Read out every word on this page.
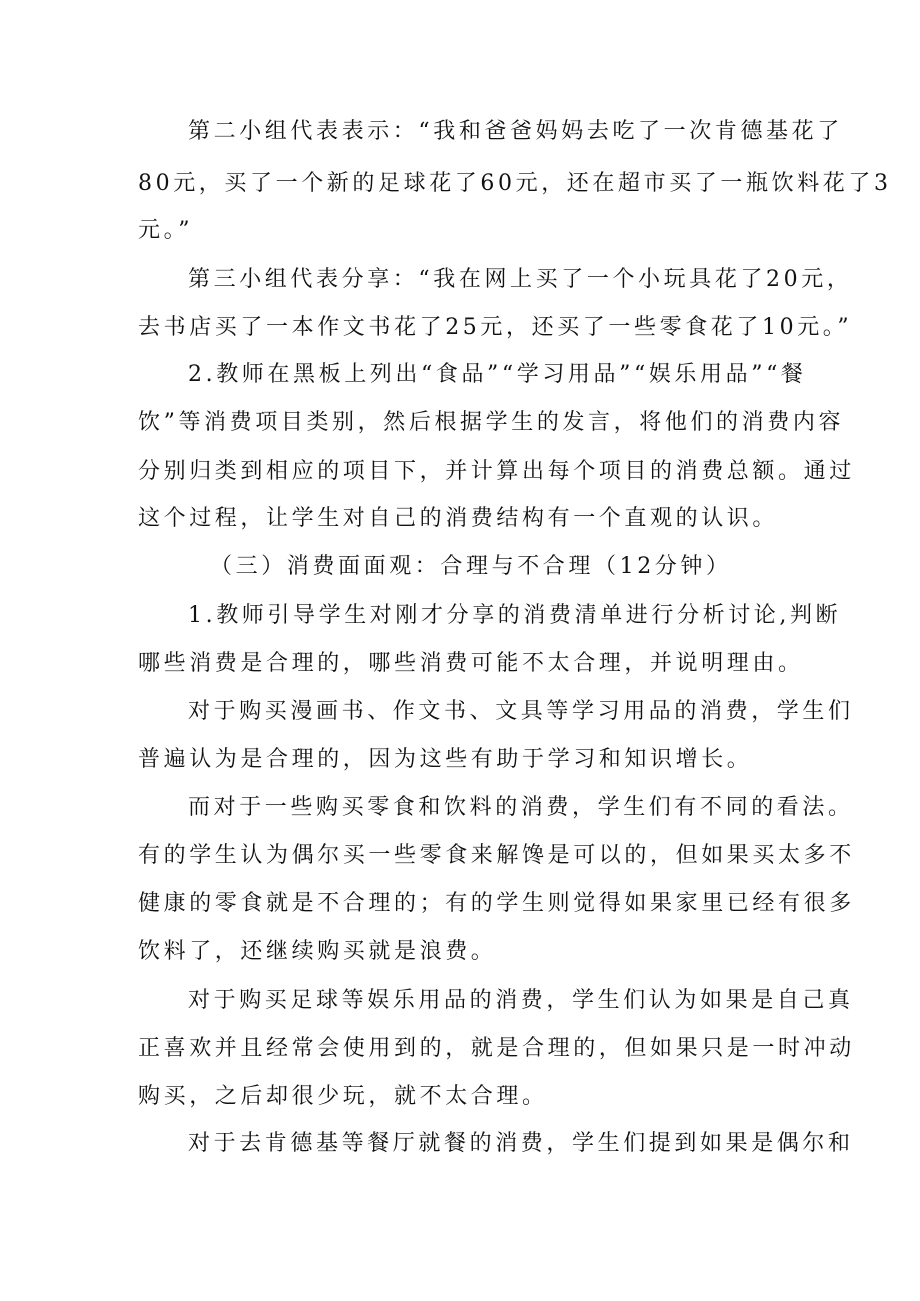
第二小组代表表示：“我和爸爸妈妈去吃了一次肯德基花了
80元，买了一个新的足球花了60元，还在超市买了一瓶饮料花了3
元。”
第三小组代表分享：“我在网上买了一个小玩具花了20元，
去书店买了一本作文书花了25元，还买了一些零食花了10元。”
2.教师在黑板上列出“食品”“学习用品”“娱乐用品”“餐
饮”等消费项目类别，然后根据学生的发言，将他们的消费内容
分别归类到相应的项目下，并计算出每个项目的消费总额。通过
这个过程，让学生对自己的消费结构有一个直观的认识。
（三）消费面面观：合理与不合理（12分钟）
1.教师引导学生对刚才分享的消费清单进行分析讨论,判断
哪些消费是合理的，哪些消费可能不太合理，并说明理由。
对于购买漫画书、作文书、文具等学习用品的消费，学生们
普遍认为是合理的，因为这些有助于学习和知识增长。
而对于一些购买零食和饮料的消费，学生们有不同的看法。
有的学生认为偶尔买一些零食来解馋是可以的，但如果买太多不
健康的零食就是不合理的；有的学生则觉得如果家里已经有很多
饮料了，还继续购买就是浪费。
对于购买足球等娱乐用品的消费，学生们认为如果是自己真
正喜欢并且经常会使用到的，就是合理的，但如果只是一时冲动
购买，之后却很少玩，就不太合理。
对于去肯德基等餐厅就餐的消费，学生们提到如果是偶尔和
